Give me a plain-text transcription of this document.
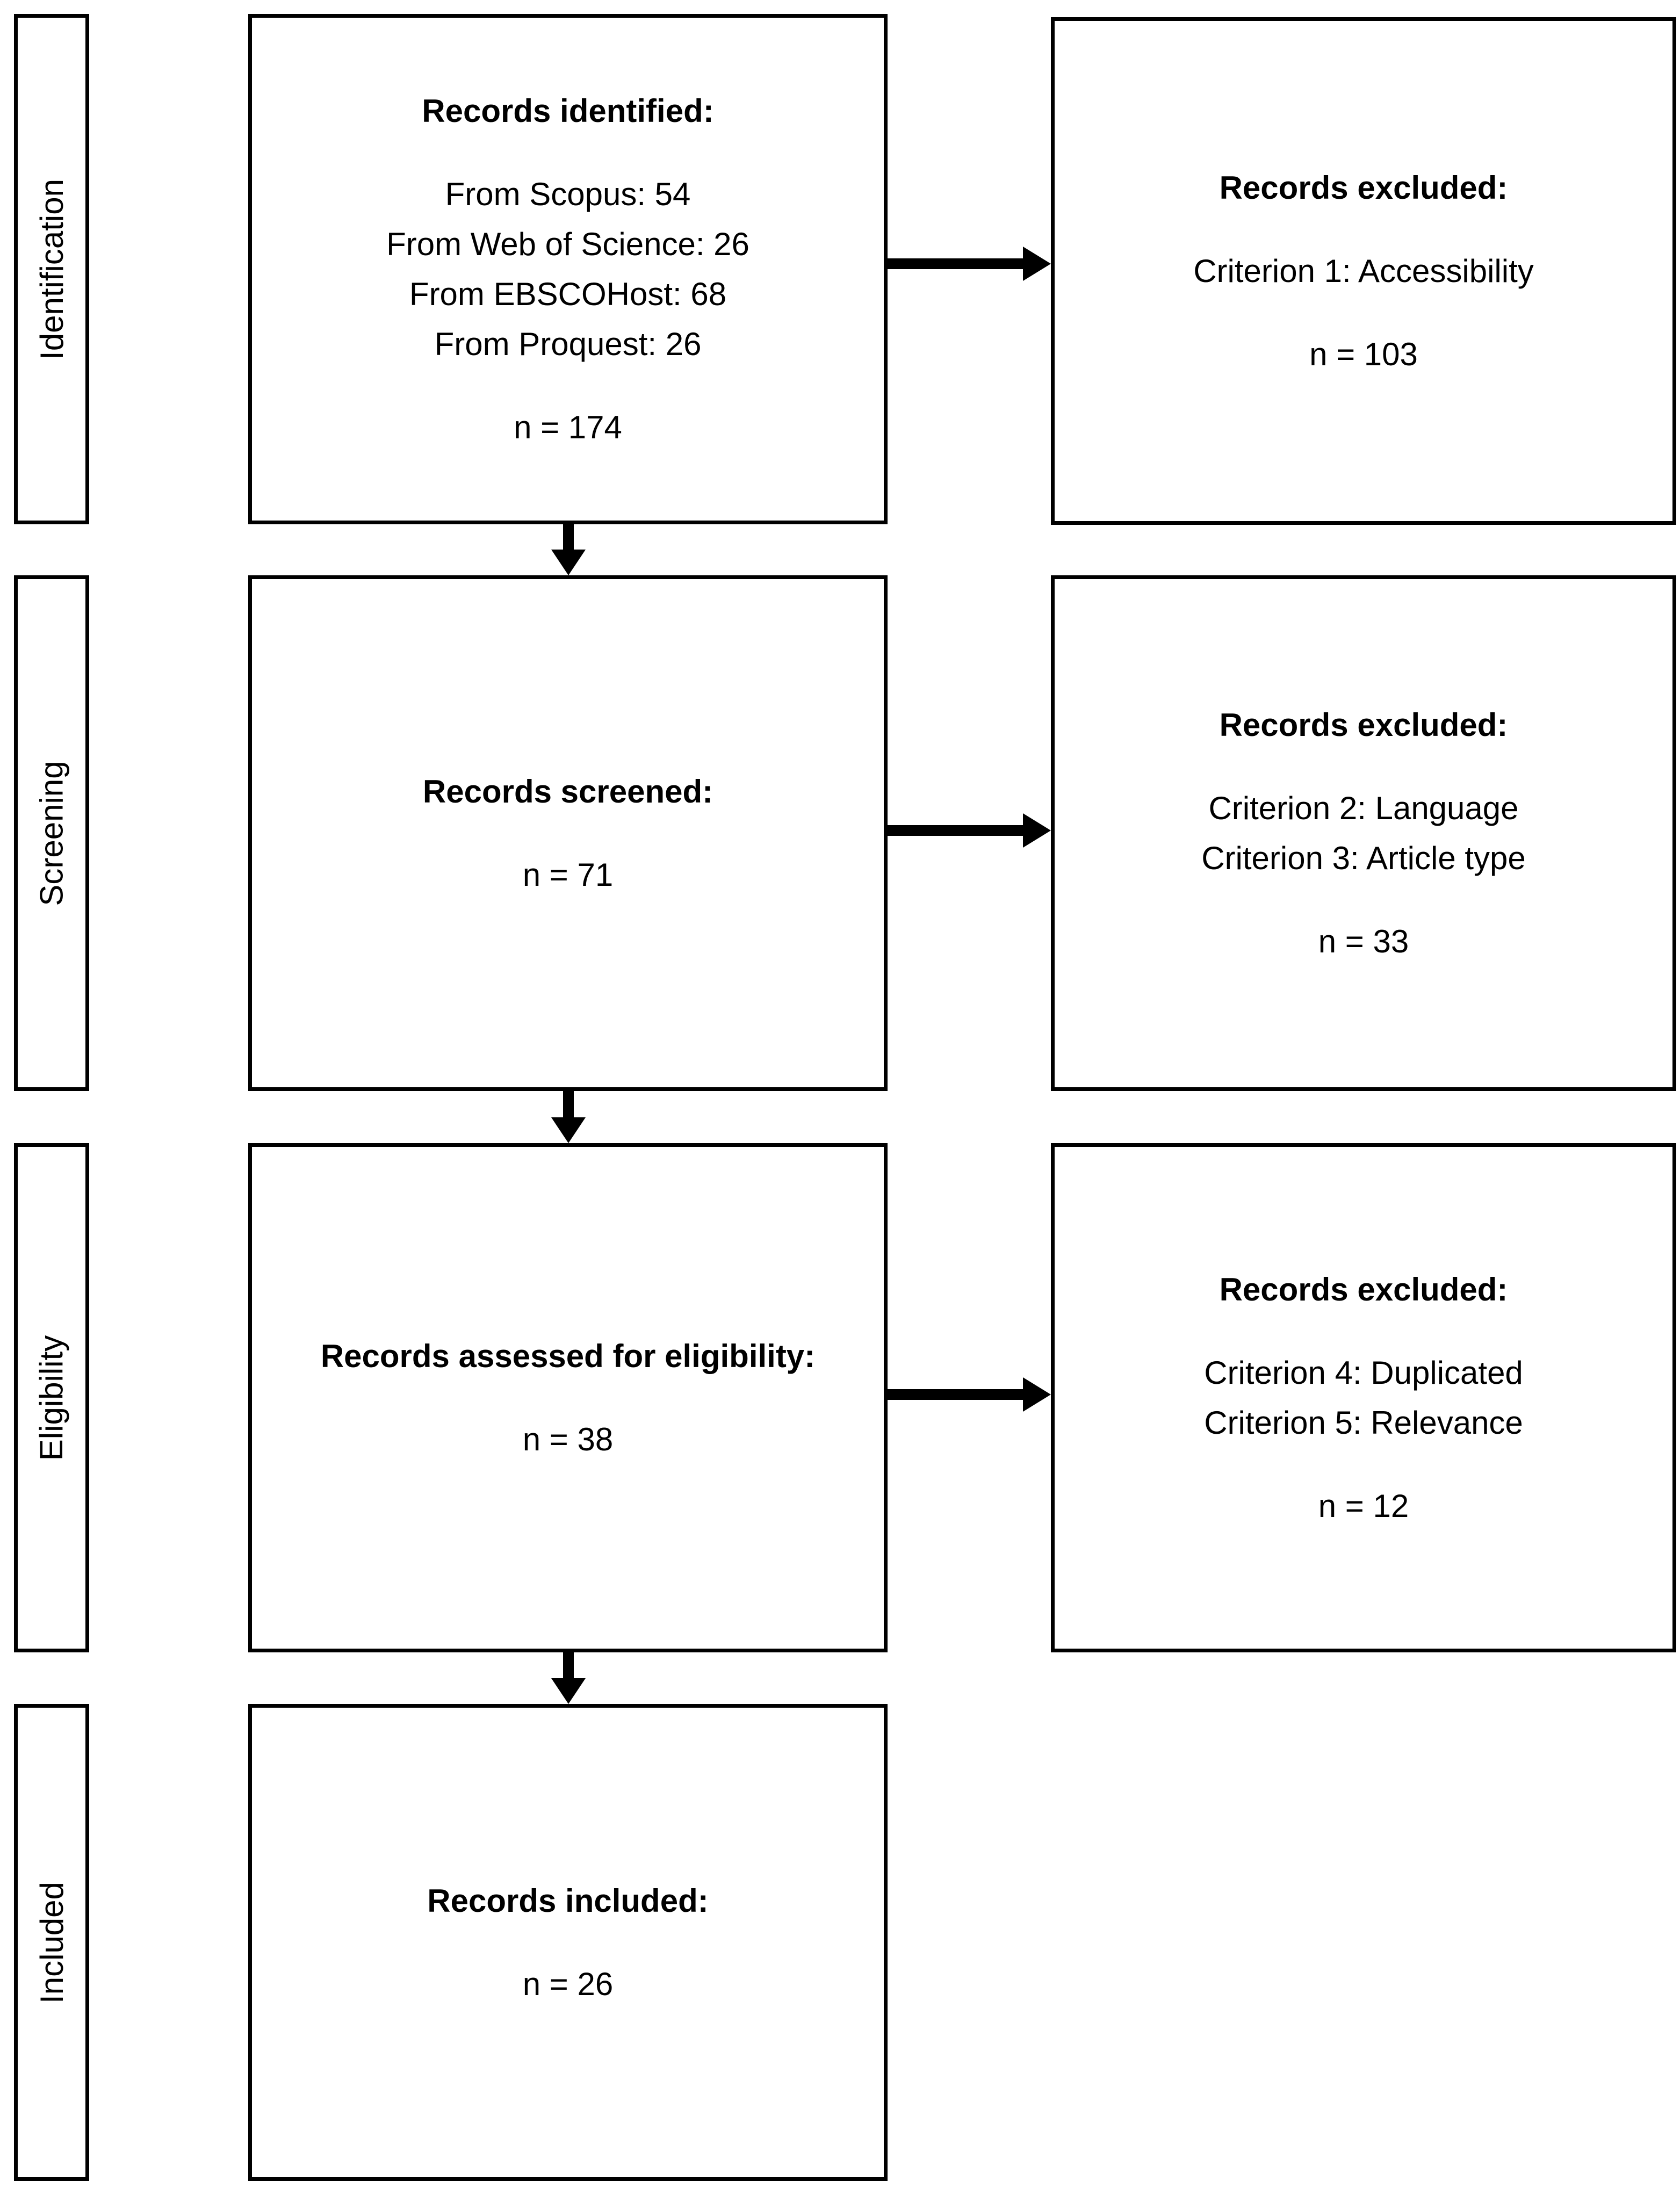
Identification
Screening
Eligibility
Included
Records identified:
From Scopus: 54
From Web of Science: 26
From EBSCOHost: 68
From Proquest: 26
n = 174
Records screened:
n = 71
Records assessed for eligibility:
n = 38
Records included:
n = 26
Records excluded:
Criterion 1: Accessibility
n = 103
Records excluded:
Criterion 2: Language
Criterion 3: Article type
n = 33
Records excluded:
Criterion 4: Duplicated
Criterion 5: Relevance
n = 12
